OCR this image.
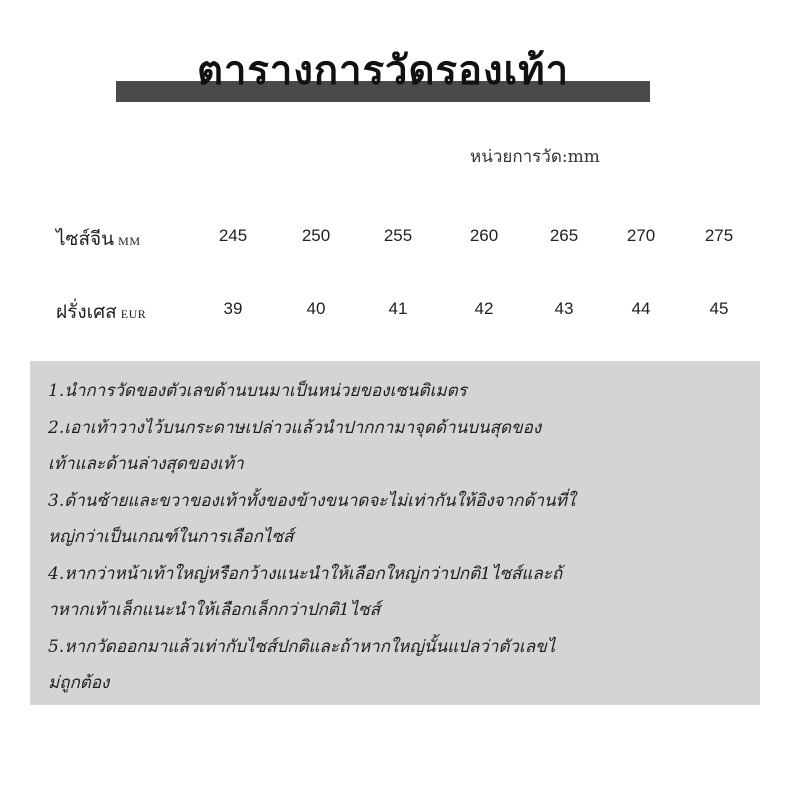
ตารางการวัดรองเท้า
หน่วยการวัด:mm
ไซส์จีน MM	245	250	255	260	265	270	275
ฝรั่งเศส EUR	39	40	41	42	43	44	45
1.นำการวัดของตัวเลขด้านบนมาเป็นหน่วยของเซนติเมตร
2.เอาเท้าวางไว้บนกระดาษเปล่าวแล้วนำปากกามาจุดด้านบนสุดของ
เท้าและด้านล่างสุดของเท้า
3.ด้านซ้ายและขวาของเท้าทั้งของข้างขนาดจะไม่เท่ากันให้อิงจากด้านที่ใ
หญ่กว่าเป็นเกณฑ์ในการเลือกไซส์
4.หากว่าหน้าเท้าใหญ่หรือกว้างแนะนำให้เลือกใหญ่กว่าปกติ1ไซส์และถ้
าหากเท้าเล็กแนะนำให้เลือกเล็กกว่าปกติ1ไซส์
5.หากวัดออกมาแล้วเท่ากับไซส์ปกติและถ้าหากใหญ่นั้นแปลว่าตัวเลขไ
ม่ถูกต้อง
